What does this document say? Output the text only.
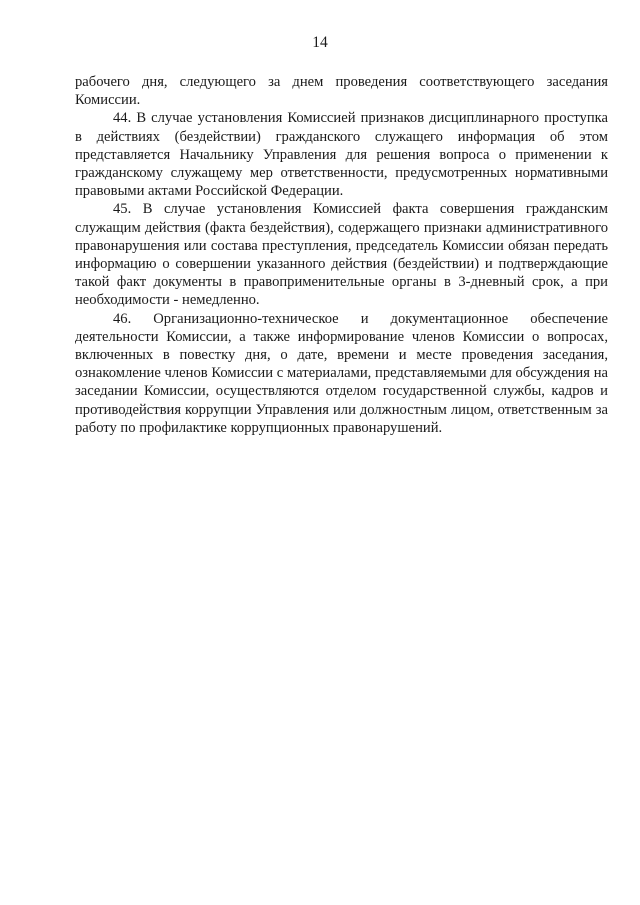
14

рабочего дня, следующего за днем проведения соответствующего заседания Комиссии.

44. В случае установления Комиссией признаков дисциплинарного проступка в действиях (бездействии) гражданского служащего информация об этом представляется Начальнику Управления для решения вопроса о применении к гражданскому служащему мер ответственности, предусмотренных нормативными правовыми актами Российской Федерации.

45. В случае установления Комиссией факта совершения гражданским служащим действия (факта бездействия), содержащего признаки административного правонарушения или состава преступления, председатель Комиссии обязан передать информацию о совершении указанного действия (бездействии) и подтверждающие такой факт документы в правоприменительные органы в 3-дневный срок, а при необходимости - немедленно.

46. Организационно-техническое и документационное обеспечение деятельности Комиссии, а также информирование членов Комиссии о вопросах, включенных в повестку дня, о дате, времени и месте проведения заседания, ознакомление членов Комиссии с материалами, представляемыми для обсуждения на заседании Комиссии, осуществляются отделом государственной службы, кадров и противодействия коррупции Управления или должностным лицом, ответственным за работу по профилактике коррупционных правонарушений.
